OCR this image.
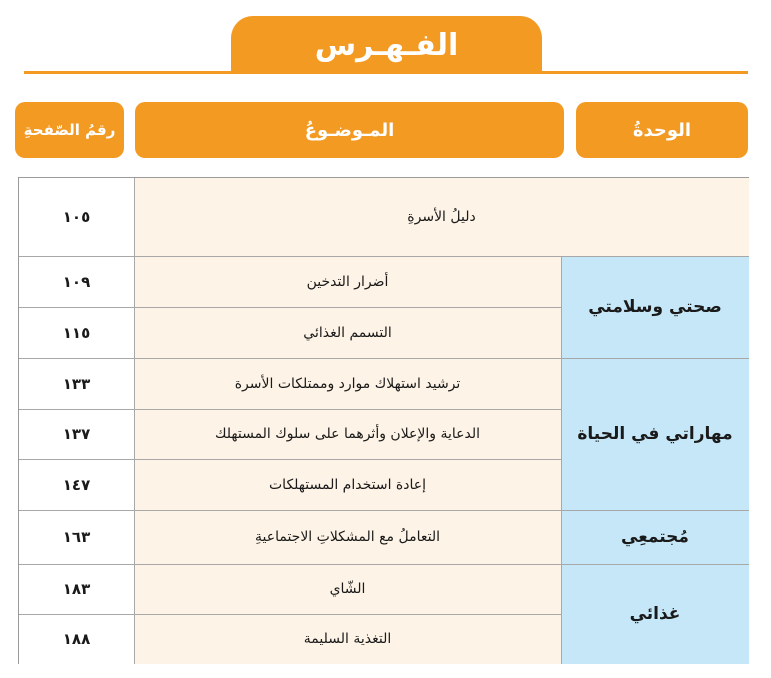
الفـهـرس
الوحدةُ
المـوضـوعُ
رقمُ الصّفحةِ
دليلُ الأسرةِ
١٠٥
صحتي وسلامتي
أضرار التدخين
١٠٩
التسمم الغذائي
١١٥
مهاراتي في الحياة
ترشيد استهلاك موارد وممتلكات الأسرة
١٣٣
الدعاية والإعلان وأثرهما على سلوك المستهلك
١٣٧
إعادة استخدام المستهلكات
١٤٧
مُجتمعِي
التعاملُ مع المشكلاتِ الاجتماعيةِ
١٦٣
غذائي
الشّاي
١٨٣
التغذية السليمة
١٨٨
